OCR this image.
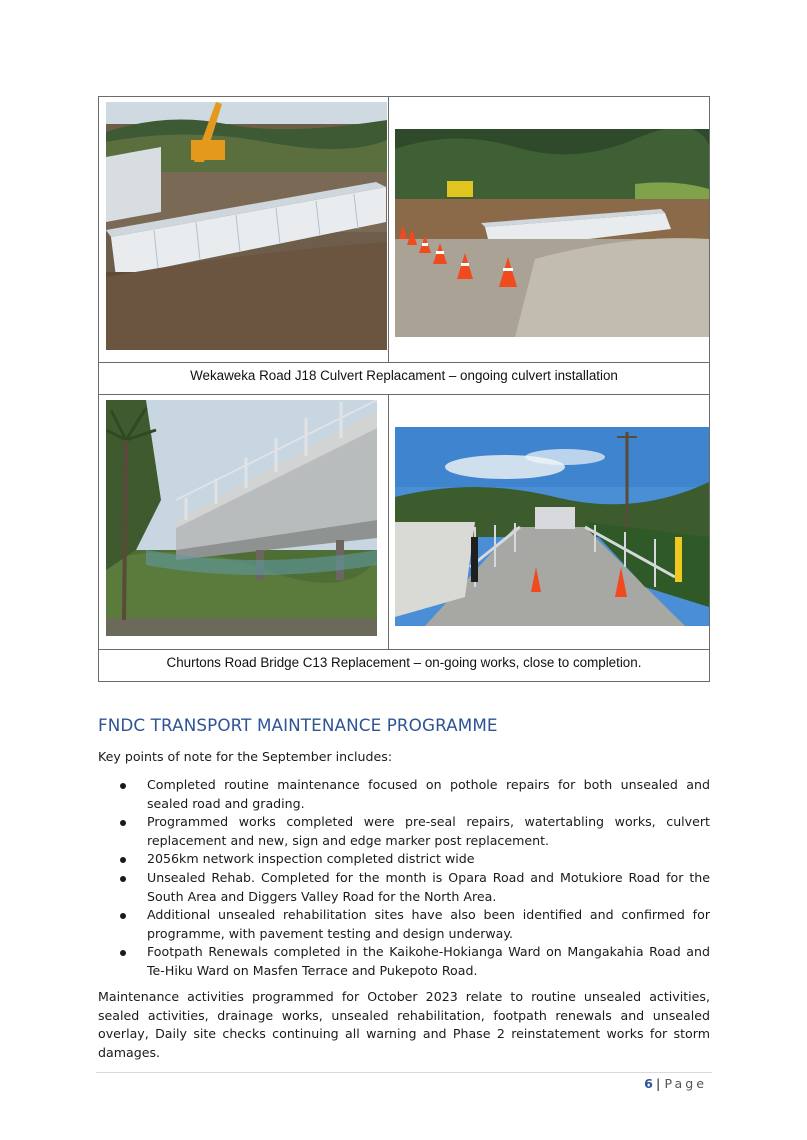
Wekaweka Road J18 Culvert Replacament – ongoing culvert installation
Churtons Road Bridge C13 Replacement – on-going works, close to completion.
FNDC TRANSPORT MAINTENANCE PROGRAMME

Key points of note for the September includes:

Completed routine maintenance focused on pothole repairs for both unsealed and sealed road and grading.
Programmed works completed were pre-seal repairs, watertabling works, culvert replacement and new, sign and edge marker post replacement.
2056km network inspection completed district wide
Unsealed Rehab. Completed for the month is Opara Road and Motukiore Road for the South Area and Diggers Valley Road for the North Area.
Additional unsealed rehabilitation sites have also been identified and confirmed for programme, with pavement testing and design underway.
Footpath Renewals completed in the Kaikohe-Hokianga Ward on Mangakahia Road and Te-Hiku Ward on Masfen Terrace and Pukepoto Road.

Maintenance activities programmed for October 2023 relate to routine unsealed activities, sealed activities, drainage works, unsealed rehabilitation, footpath renewals and unsealed overlay, Daily site checks continuing all warning and Phase 2 reinstatement works for storm damages.

6 | Page
